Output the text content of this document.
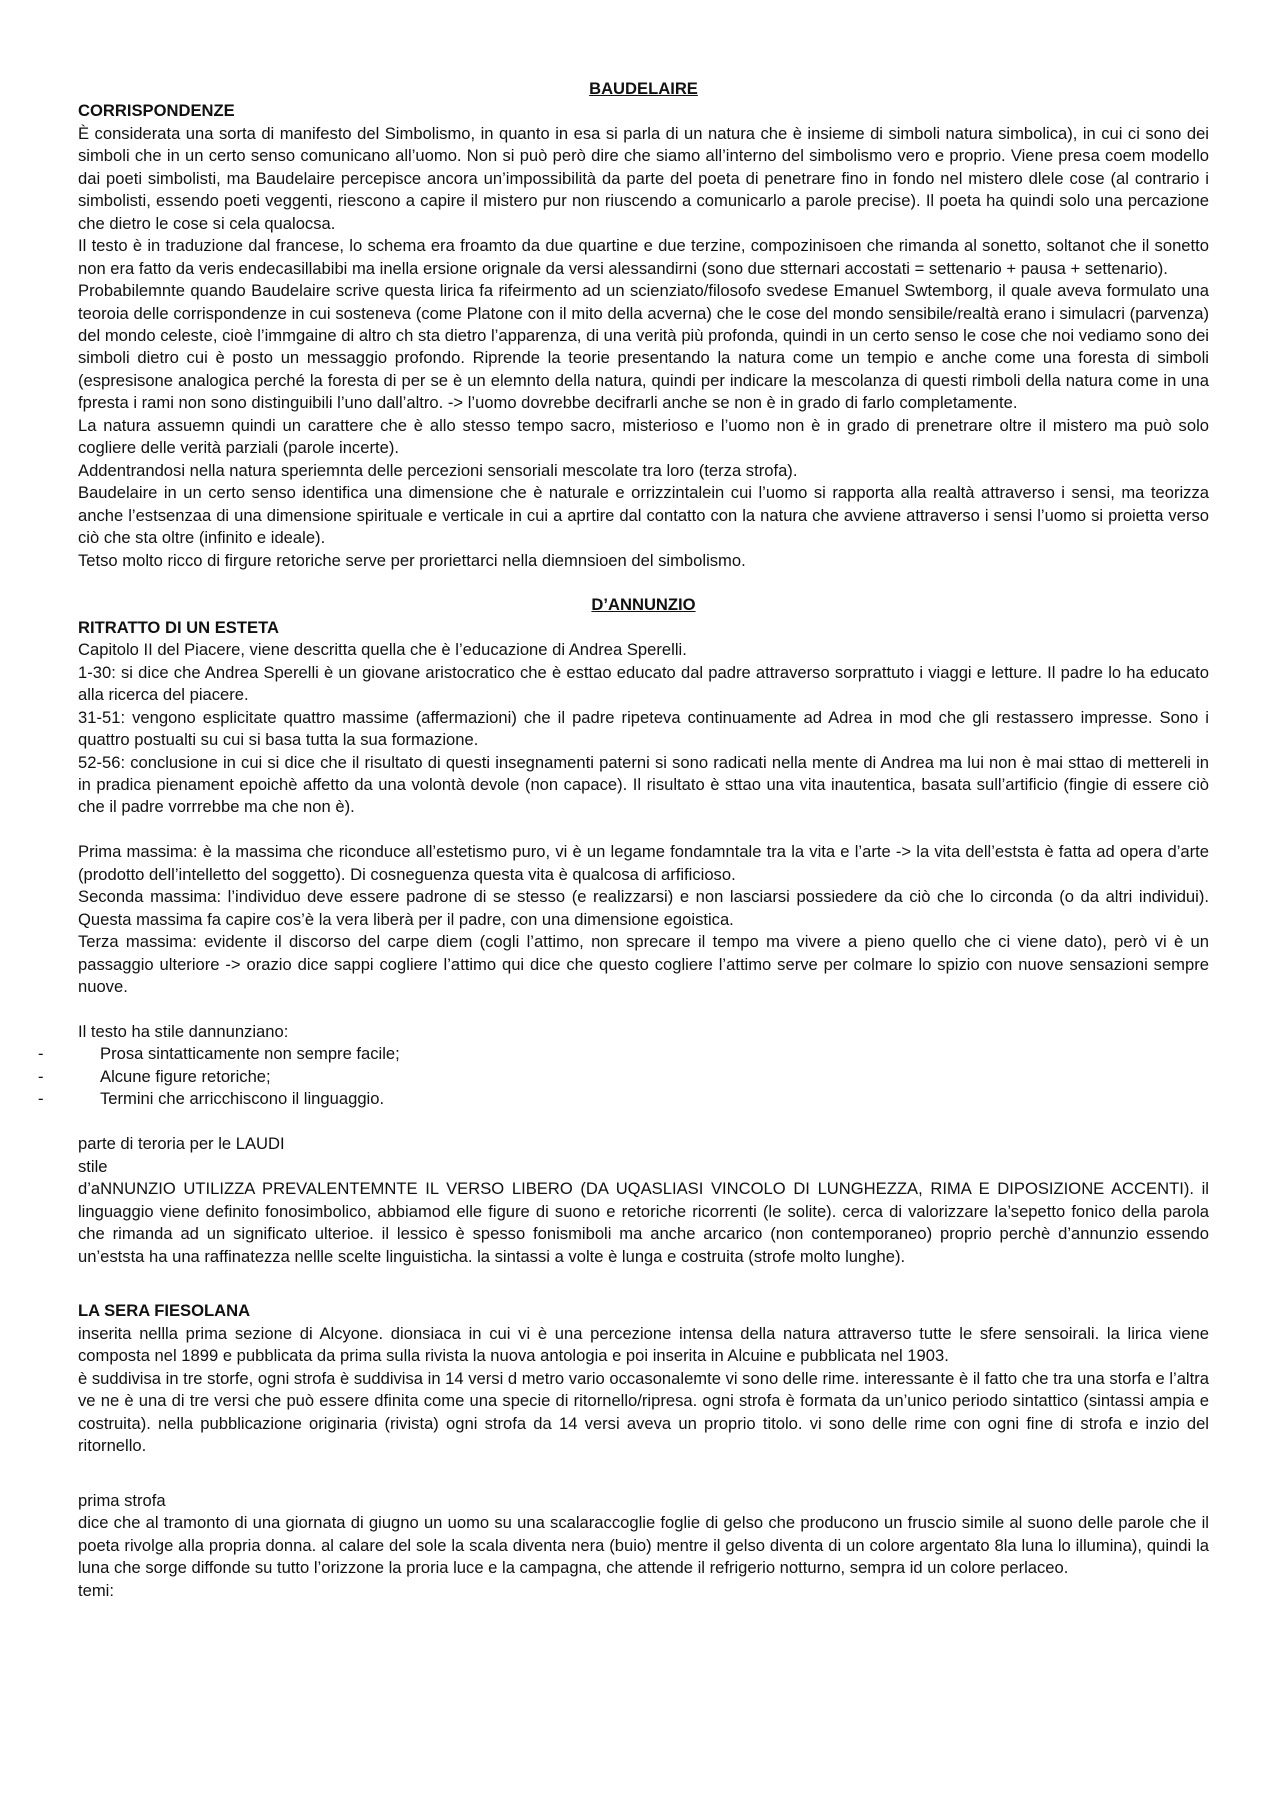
BAUDELAIRE

CORRISPONDENZE

È considerata una sorta di manifesto del Simbolismo, in quanto in esa si parla di un natura che è insieme di simboli natura simbolica), in cui ci sono dei simboli che in un certo senso comunicano all’uomo. Non si può però dire che siamo all’interno del simbolismo vero e proprio. Viene presa coem modello dai poeti simbolisti, ma Baudelaire percepisce ancora un’impossibilità da parte del poeta di penetrare fino in fondo nel mistero dlele cose (al contrario i simbolisti, essendo poeti veggenti, riescono a capire il mistero pur non riuscendo a comunicarlo a parole precise). Il poeta ha quindi solo una percazione che dietro le cose si cela qualocsa.

Il testo è in traduzione dal francese, lo schema era froamto da due quartine e due terzine, compozinisoen che rimanda al sonetto, soltanot che il sonetto non era fatto da veris endecasillabibi ma inella ersione orignale da versi alessandirni (sono due stternari accostati = settenario + pausa + settenario).

Probabilemnte quando Baudelaire scrive questa lirica fa rifeirmento ad un scienziato/filosofo svedese Emanuel Swtemborg, il quale aveva formulato una teoroia delle corrispondenze in cui sosteneva (come Platone con il mito della acverna) che le cose del mondo sensibile/realtà erano i simulacri (parvenza) del mondo celeste, cioè l’immgaine di altro ch sta dietro l’apparenza, di una verità più profonda, quindi in un certo senso le cose che noi vediamo sono dei simboli dietro cui è posto un messaggio profondo. Riprende la teorie presentando la natura come un tempio e anche come una foresta di simboli (espresisone analogica perché la foresta di per se è un elemnto della natura, quindi per indicare la mescolanza di questi rimboli della natura come in una fpresta i rami non sono distinguibili l’uno dall’altro. -> l’uomo dovrebbe decifrarli anche se non è in grado di farlo completamente.

La natura assuemn quindi un carattere che è allo stesso tempo sacro, misterioso e l’uomo non è in grado di prenetrare oltre il mistero ma può solo cogliere delle verità parziali (parole incerte).

Addentrandosi nella natura speriemnta delle percezioni sensoriali mescolate tra loro (terza strofa).

Baudelaire in un certo senso identifica una dimensione che è naturale e orrizzintalein cui l’uomo si rapporta alla realtà attraverso i sensi, ma teorizza anche l’estsenzaa di una dimensione spirituale e verticale in cui a aprtire dal contatto con la natura che avviene attraverso i sensi l’uomo si proietta verso ciò che sta oltre (infinito e ideale).

Tetso molto ricco di firgure retoriche serve per proriettarci nella diemnsioen del simbolismo.

D’ANNUNZIO

RITRATTO DI UN ESTETA

Capitolo II del Piacere, viene descritta quella che è l’educazione di Andrea Sperelli.

1-30: si dice che Andrea Sperelli è un giovane aristocratico che è esttao educato dal padre attraverso sorprattuto i viaggi e letture. Il padre lo ha educato alla ricerca del piacere.

31-51: vengono esplicitate quattro massime (affermazioni) che il padre ripeteva continuamente ad Adrea in mod che gli restassero impresse. Sono i quattro postualti su cui si basa tutta la sua formazione.

52-56: conclusione in cui si dice che il risultato di questi insegnamenti paterni si sono radicati nella mente di Andrea ma lui non è mai sttao di mettereli in in pradica pienament epoichè affetto da una volontà devole (non capace). Il risultato è sttao una vita inautentica, basata sull’artificio (fingie di essere ciò che il padre vorrrebbe ma che non è).

Prima massima: è la massima che riconduce all’estetismo puro, vi è un legame fondamntale tra la vita e l’arte -> la vita dell’eststa è fatta ad opera d’arte (prodotto dell’intelletto del soggetto). Di cosneguenza questa vita è qualcosa di arfificioso.

Seconda massima: l’individuo deve essere padrone di se stesso (e realizzarsi) e non lasciarsi possiedere da ciò che lo circonda (o da altri individui). Questa massima fa capire cos’è la vera liberà per il padre, con una dimensione egoistica.

Terza massima: evidente il discorso del carpe diem (cogli l’attimo, non sprecare il tempo ma vivere a pieno quello che ci viene dato), però vi è un passaggio ulteriore -> orazio dice sappi cogliere l’attimo qui dice che questo cogliere l’attimo serve per colmare lo spizio con nuove sensazioni sempre nuove.

Il testo ha stile dannunziano:

-	Prosa sintatticamente non sempre facile;
-	Alcune figure retoriche;
-	Termini che arricchiscono il linguaggio.

parte di teroria per le LAUDI

stile

d’aNNUNZIO UTILIZZA PREVALENTEMNTE IL VERSO LIBERO (DA UQASLIASI VINCOLO DI LUNGHEZZA, RIMA E DIPOSIZIONE ACCENTI). il linguaggio viene definito fonosimbolico, abbiamod elle figure di suono e retoriche ricorrenti (le solite). cerca di valorizzare la’sepetto fonico della parola che rimanda ad un significato ulterioe. il lessico è spesso fonismiboli ma anche arcarico (non contemporaneo) proprio perchè d’annunzio essendo un’eststa ha una raffinatezza nellle scelte linguisticha. la sintassi a volte è lunga e costruita (strofe molto lunghe).

LA SERA FIESOLANA

inserita nellla prima sezione di Alcyone. dionsiaca in cui vi è una percezione intensa della natura attraverso tutte le sfere sensoirali. la lirica viene composta nel 1899 e pubblicata da prima sulla rivista la nuova antologia e poi inserita in Alcuine e pubblicata nel 1903.

è suddivisa in tre storfe, ogni strofa è suddivisa in 14 versi d metro vario occasonalemte vi sono delle rime. interessante è il fatto che tra una storfa e l’altra ve ne è una di tre versi che può essere dfinita come una specie di ritornello/ripresa. ogni strofa è formata da un’unico periodo sintattico (sintassi ampia e costruita). nella pubblicazione originaria (rivista) ogni strofa da 14 versi aveva un proprio titolo. vi sono delle rime con ogni fine di strofa e inzio del ritornello.

prima strofa

dice che al tramonto di una giornata di giugno un uomo su una scalaraccoglie foglie di gelso che producono un fruscio simile al suono delle parole che il poeta rivolge alla propria donna. al calare del sole la scala diventa nera (buio) mentre il gelso diventa di un colore argentato 8la luna lo illumina), quindi la luna che sorge diffonde su tutto l’orizzone la proria luce e la campagna, che attende il refrigerio notturno, sempra id un colore perlaceo.

temi:
